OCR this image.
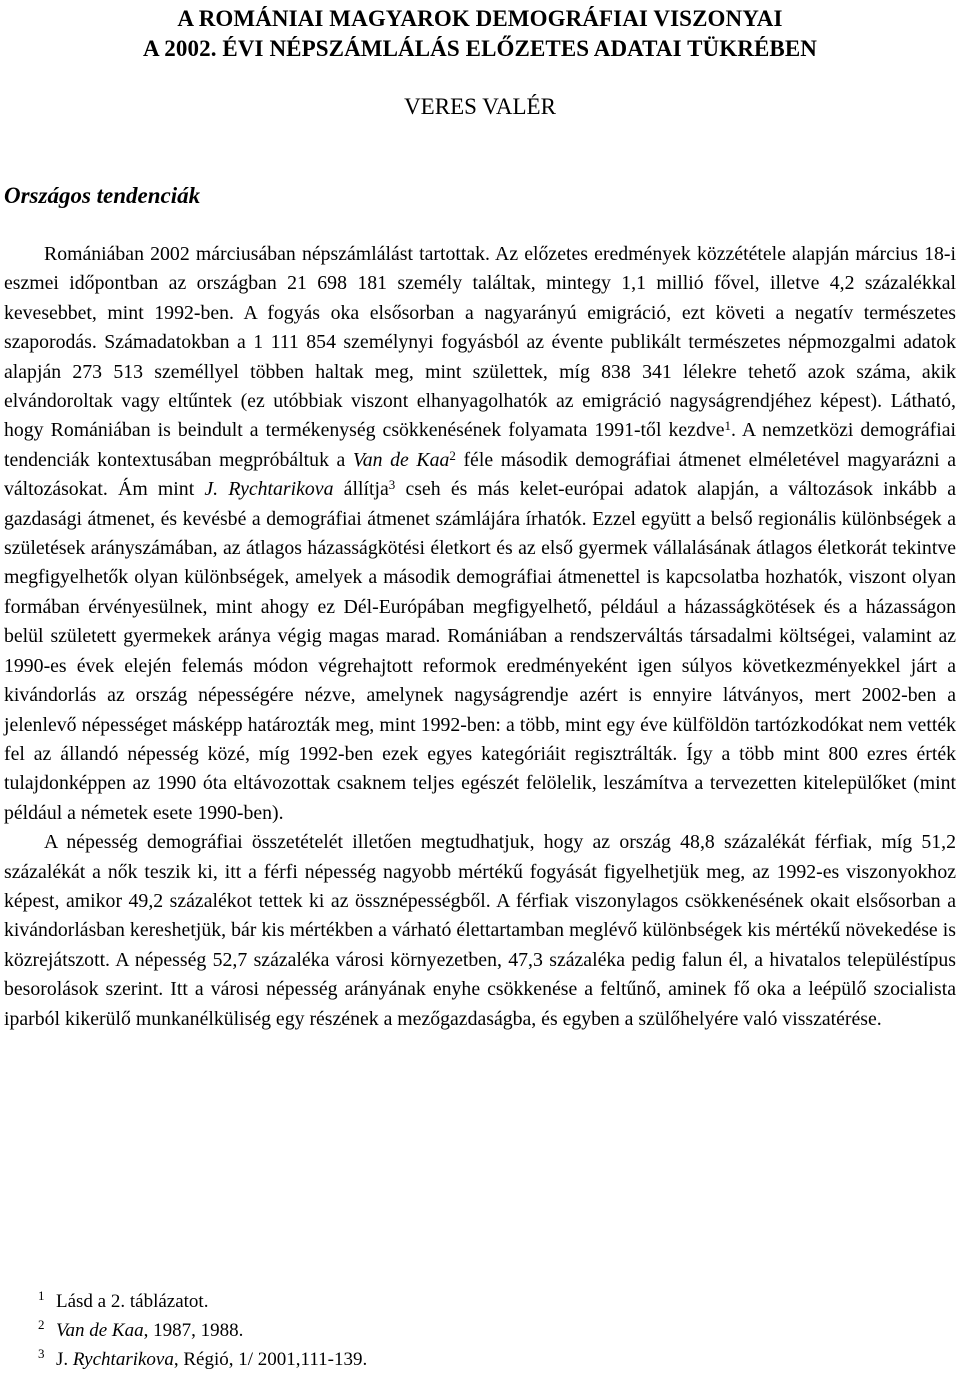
A ROMÁNIAI MAGYAROK DEMOGRÁFIAI VISZONYAI
A 2002. ÉVI NÉPSZÁMLÁLÁS ELŐZETES ADATAI TÜKRÉBEN

VERES VALÉR

Országos tendenciák

Romániában 2002 márciusában népszámlálást tartottak. Az előzetes eredmények közzététele alapján március 18-i eszmei időpontban az országban 21 698 181 személy találtak, mintegy 1,1 millió fővel, illetve 4,2 százalékkal kevesebbet, mint 1992-ben. A fogyás oka elsősorban a nagyarányú emigráció, ezt követi a negatív természetes szaporodás. Számadatokban a 1 111 854 személynyi fogyásból az évente publikált természetes népmozgalmi adatok alapján 273 513 személlyel többen haltak meg, mint születtek, míg 838 341 lélekre tehető azok száma, akik elvándoroltak vagy eltűntek (ez utóbbiak viszont elhanyagolhatók az emigráció nagyságrendjéhez képest). Látható, hogy Romániában is beindult a termékenység csökkenésének folyamata 1991-től kezdve$^1$. A nemzetközi demográfiai tendenciák kontextusában megpróbáltuk a Van de Kaa$^2$ féle második demográfiai átmenet elméletével magyarázni a változásokat. Ám mint J. Rychtarikova állítja$^3$ cseh és más kelet-európai adatok alapján, a változások inkább a gazdasági átmenet, és kevésbé a demográfiai átmenet számlájára írhatók. Ezzel együtt a belső regionális különbségek a születések arányszámában, az átlagos házasságkötési életkort és az első gyermek vállalásának átlagos életkorát tekintve megfigyelhetők olyan különbségek, amelyek a második demográfiai átmenettel is kapcsolatba hozhatók, viszont olyan formában érvényesülnek, mint ahogy ez Dél-Európában megfigyelhető, például a házasságkötések és a házasságon belül született gyermekek aránya végig magas marad. Romániában a rendszerváltás társadalmi költségei, valamint az 1990-es évek elején felemás módon végrehajtott reformok eredményeként igen súlyos következményekkel járt a kivándorlás az ország népességére nézve, amelynek nagyságrendje azért is ennyire látványos, mert 2002-ben a jelenlevő népességet másképp határozták meg, mint 1992-ben: a több, mint egy éve külföldön tartózkodókat nem vették fel az állandó népesség közé, míg 1992-ben ezek egyes kategóriáit regisztrálták. Így a több mint 800 ezres érték tulajdonképpen az 1990 óta eltávozottak csaknem teljes egészét felölelik, leszámítva a tervezetten kitelepülőket (mint például a németek esete 1990-ben).

A népesség demográfiai összetételét illetően megtudhatjuk, hogy az ország 48,8 százalékát férfiak, míg 51,2 százalékát a nők teszik ki, itt a férfi népesség nagyobb mértékű fogyását figyelhetjük meg, az 1992-es viszonyokhoz képest, amikor 49,2 százalékot tettek ki az össznépességből. A férfiak viszonylagos csökkenésének okait elsősorban a kivándorlásban kereshetjük, bár kis mértékben a várható élettartamban meglévő különbségek kis mértékű növekedése is közrejátszott. A népesség 52,7 százaléka városi környezetben, 47,3 százaléka pedig falun él, a hivatalos településtípus besorolások szerint. Itt a városi népesség arányának enyhe csökkenése a feltűnő, aminek fő oka a leépülő szocialista iparból kikerülő munkanélküliség egy részének a mezőgazdaságba, és egyben a szülőhelyére való visszatérése.

1 Lásd a 2. táblázatot.
2 Van de Kaa, 1987, 1988.
3 J. Rychtarikova, Régió, 1/ 2001,111-139.
